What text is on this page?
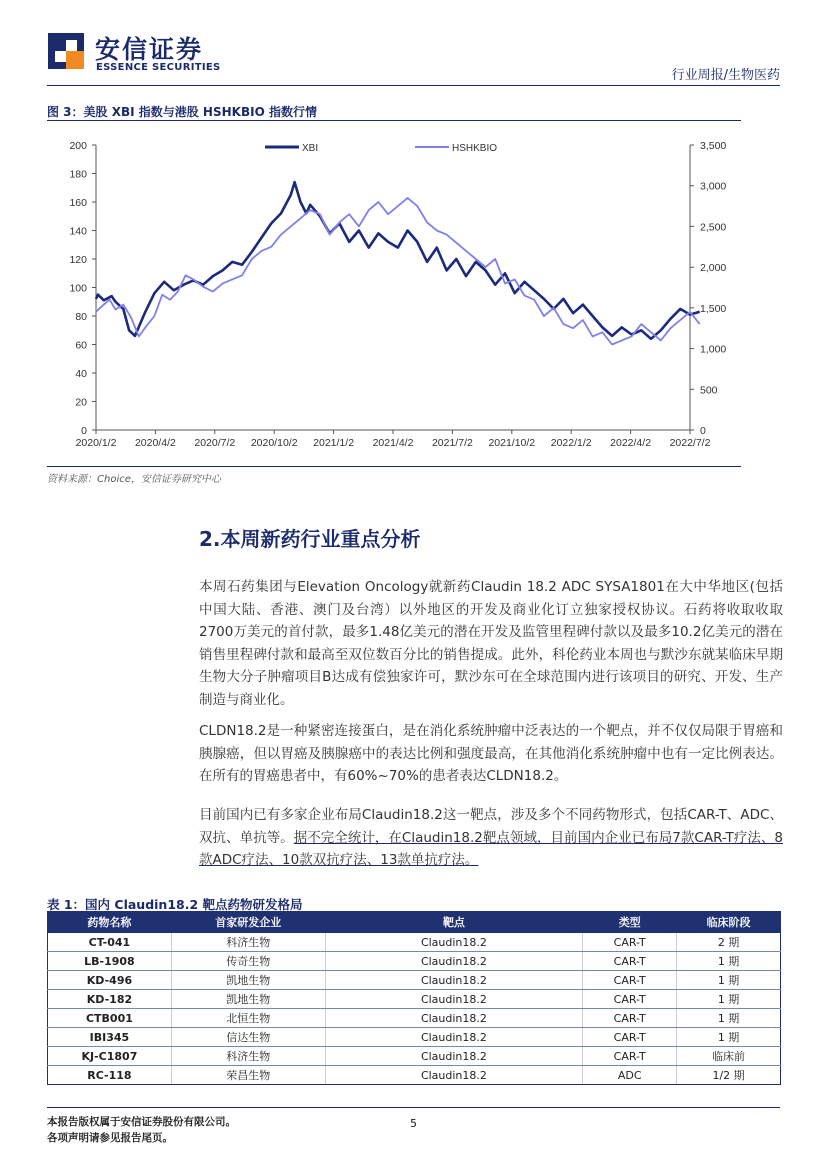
安信证券
ESSENCE SECURITIES
行业周报/生物医药
图 3：美股 XBI 指数与港股 HSHKBIO 指数行情
0
20
40
60
80
100
120
140
160
180
200
0
500
1,000
1,500
2,000
2,500
3,000
3,500
2020/1/2 2020/4/2 2020/7/2 2020/10/2 2021/1/2 2021/4/2 2021/7/2 2021/10/2 2022/1/2 2022/4/2 2022/7/2
XBI	HSHKBIO
资料来源：Choice，安信证券研究中心
2.本周新药行业重点分析
本周石药集团与Elevation Oncology就新药Claudin 18.2 ADC SYSA1801在大中华地区(包括中国大陆、香港、澳门及台湾）以外地区的开发及商业化订立独家授权协议。石药将收取收取2700万美元的首付款，最多1.48亿美元的潜在开发及监管里程碑付款以及最多10.2亿美元的潜在销售里程碑付款和最高至双位数百分比的销售提成。此外，科伦药业本周也与默沙东就某临床早期生物大分子肿瘤项目B达成有偿独家许可，默沙东可在全球范围内进行该项目的研究、开发、生产制造与商业化。
CLDN18.2是一种紧密连接蛋白，是在消化系统肿瘤中泛表达的一个靶点，并不仅仅局限于胃癌和胰腺癌，但以胃癌及胰腺癌中的表达比例和强度最高，在其他消化系统肿瘤中也有一定比例表达。在所有的胃癌患者中，有60%~70%的患者表达CLDN18.2。
目前国内已有多家企业布局Claudin18.2这一靶点，涉及多个不同药物形式，包括CAR-T、ADC、双抗、单抗等。据不完全统计，在Claudin18.2靶点领域，目前国内企业已布局7款CAR-T疗法、8款ADC疗法、10款双抗疗法、13款单抗疗法。
表 1：国内 Claudin18.2 靶点药物研发格局
药物名称	首家研发企业	靶点	类型	临床阶段
CT-041	科济生物	Claudin18.2	CAR-T	2 期
LB-1908	传奇生物	Claudin18.2	CAR-T	1 期
KD-496	凯地生物	Claudin18.2	CAR-T	1 期
KD-182	凯地生物	Claudin18.2	CAR-T	1 期
CTB001	北恒生物	Claudin18.2	CAR-T	1 期
IBI345	信达生物	Claudin18.2	CAR-T	1 期
KJ-C1807	科济生物	Claudin18.2	CAR-T	临床前
RC-118	荣昌生物	Claudin18.2	ADC	1/2 期
本报告版权属于安信证券股份有限公司。
各项声明请参见报告尾页。
5
